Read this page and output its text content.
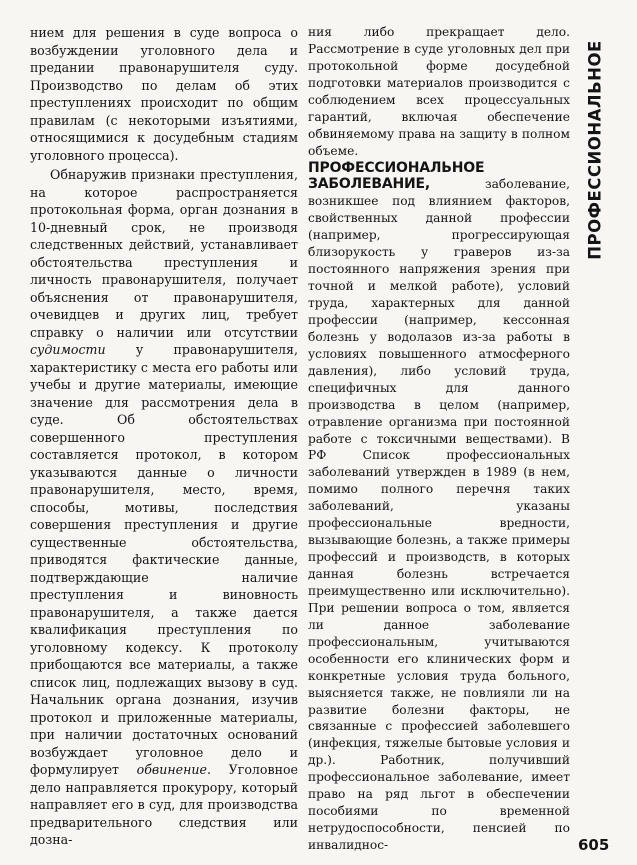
нием для решения в суде вопроса о возбуждении уголовного дела и предании правонарушителя суду. Производство по делам об этих преступлениях происходит по общим правилам (с некоторыми изъятиями, относящимися к досудебным стадиям уголовного процесса).

Обнаружив признаки преступления, на которое распространяется протокольная форма, орган дознания в 10-дневный срок, не производя следственных действий, устанавливает обстоятельства преступления и личность правонарушителя, получает объяснения от правонарушителя, очевидцев и других лиц, требует справку о наличии или отсутствии судимости у правонарушителя, характеристику с места его работы или учебы и другие материалы, имеющие значение для рассмотрения дела в суде. Об обстоятельствах совершенного преступления составляется протокол, в котором указываются данные о личности правонарушителя, место, время, способы, мотивы, последствия совершения преступления и другие существенные обстоятельства, приводятся фактические данные, подтверждающие наличие преступления и виновность правонарушителя, а также дается квалификация преступления по уголовному кодексу. К протоколу прибощаются все материалы, а также список лиц, подлежащих вызову в суд. Начальник органа дознания, изучив протокол и приложенные материалы, при наличии достаточных оснований возбуждает уголовное дело и формулирует обвинение. Уголовное дело направляется прокурору, который направляет его в суд, для производства предварительного следствия или дозна-

ния либо прекращает дело. Рассмотрение в суде уголовных дел при протокольной форме досудебной подготовки материалов производится с соблюдением всех процессуальных гарантий, включая обеспечение обвиняемому права на защиту в полном объеме.

ПРОФЕССИОНАЛЬНОЕ ЗАБОЛЕВАНИЕ, заболевание, возникшее под влиянием факторов, свойственных данной профессии (например, прогрессирующая близорукость у граверов из-за постоянного напряжения зрения при точной и мелкой работе), условий труда, характерных для данной профессии (например, кессонная болезнь у водолазов из-за работы в условиях повышенного атмосферного давления), либо условий труда, специфичных для данного производства в целом (например, отравление организма при постоянной работе с токсичными веществами). В РФ Список профессиональных заболеваний утвержден в 1989 (в нем, помимо полного перечня таких заболеваний, указаны профессиональные вредности, вызывающие болезнь, а также примеры профессий и производств, в которых данная болезнь встречается преимущественно или исключительно). При решении вопроса о том, является ли данное заболевание профессиональным, учитываются особенности его клинических форм и конкретные условия труда больного, выясняется также, не повлияли ли на развитие болезни факторы, не связанные с профессией заболевшего (инфекция, тяжелые бытовые условия и др.). Работник, получивший профессиональное заболевание, имеет право на ряд льгот в обеспечении пособиями по временной нетрудоспособности, пенсией по инвалиднос-

ПРОФЕССИОНАЛЬНОЕ
605
